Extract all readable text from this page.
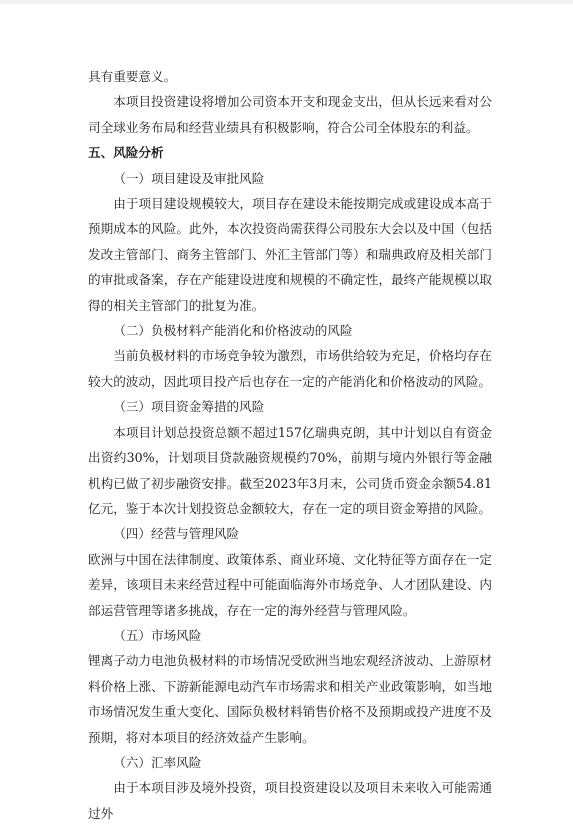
具有重要意义。

本项目投资建设将增加公司资本开支和现金支出，但从长远来看对公司全球业务布局和经营业绩具有积极影响，符合公司全体股东的利益。

五、风险分析

（一）项目建设及审批风险

由于项目建设规模较大，项目存在建设未能按期完成或建设成本高于预期成本的风险。此外，本次投资尚需获得公司股东大会以及中国（包括发改主管部门、商务主管部门、外汇主管部门等）和瑞典政府及相关部门的审批或备案，存在产能建设进度和规模的不确定性，最终产能规模以取得的相关主管部门的批复为准。

（二）负极材料产能消化和价格波动的风险

当前负极材料的市场竞争较为激烈，市场供给较为充足，价格均存在较大的波动，因此项目投产后也存在一定的产能消化和价格波动的风险。

（三）项目资金筹措的风险

本项目计划总投资总额不超过157亿瑞典克朗，其中计划以自有资金出资约30%，计划项目贷款融资规模约70%，前期与境内外银行等金融机构已做了初步融资安排。截至2023年3月末，公司货币资金余额54.81亿元，鉴于本次计划投资总金额较大，存在一定的项目资金筹措的风险。

（四）经营与管理风险

欧洲与中国在法律制度、政策体系、商业环境、文化特征等方面存在一定差异，该项目未来经营过程中可能面临海外市场竞争、人才团队建设、内部运营管理等诸多挑战，存在一定的海外经营与管理风险。

（五）市场风险

锂离子动力电池负极材料的市场情况受欧洲当地宏观经济波动、上游原材料价格上涨、下游新能源电动汽车市场需求和相关产业政策影响，如当地市场情况发生重大变化、国际负极材料销售价格不及预期或投产进度不及预期，将对本项目的经济效益产生影响。

（六）汇率风险

由于本项目涉及境外投资，项目投资建设以及项目未来收入可能需通过外
